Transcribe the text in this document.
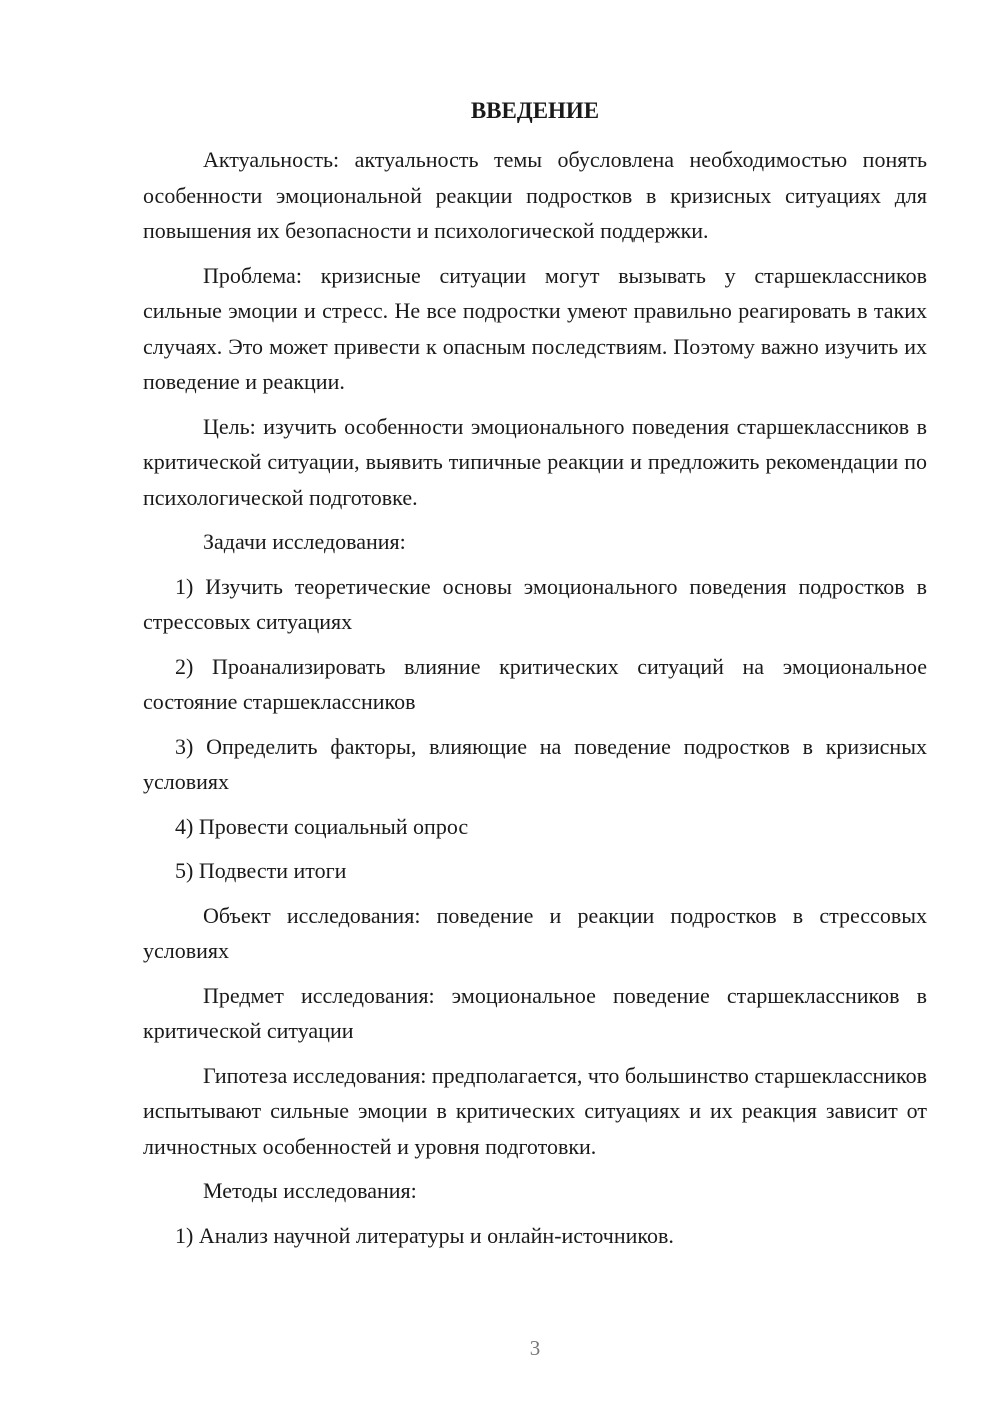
ВВЕДЕНИЕ

Актуальность: актуальность темы обусловлена необходимостью понять особенности эмоциональной реакции подростков в кризисных ситуациях для повышения их безопасности и психологической поддержки.

Проблема: кризисные ситуации могут вызывать у старшеклассников сильные эмоции и стресс. Не все подростки умеют правильно реагировать в таких случаях. Это может привести к опасным последствиям. Поэтому важно изучить их поведение и реакции.

Цель: изучить особенности эмоционального поведения старшеклассников в критической ситуации, выявить типичные реакции и предложить рекомендации по психологической подготовке.

Задачи исследования:

1) Изучить теоретические основы эмоционального поведения подростков в стрессовых ситуациях

2) Проанализировать влияние критических ситуаций на эмоциональное состояние старшеклассников

3) Определить факторы, влияющие на поведение подростков в кризисных условиях

4) Провести социальный опрос

5) Подвести итоги

Объект исследования: поведение и реакции подростков в стрессовых условиях

Предмет исследования: эмоциональное поведение старшеклассников в критической ситуации

Гипотеза исследования: предполагается, что большинство старшеклассников испытывают сильные эмоции в критических ситуациях и их реакция зависит от личностных особенностей и уровня подготовки.

Методы исследования:

1) Анализ научной литературы и онлайн-источников.

3
